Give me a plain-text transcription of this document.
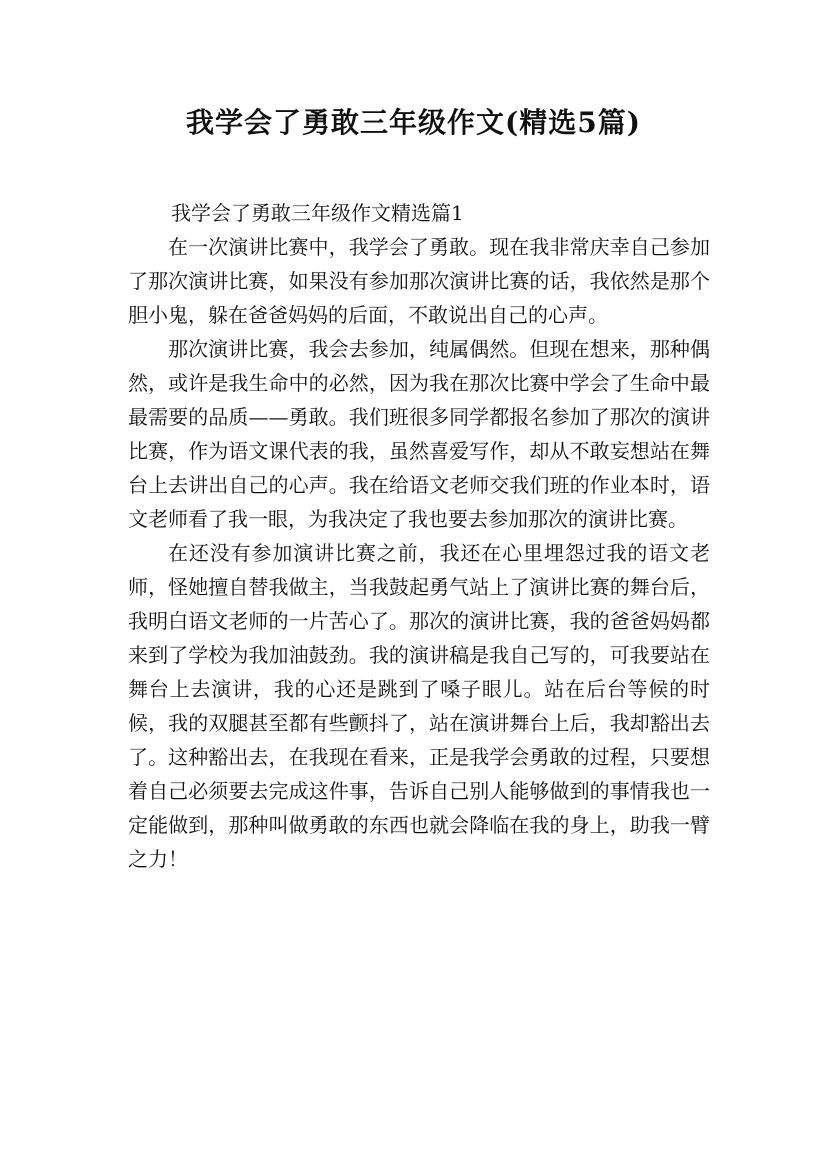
我学会了勇敢三年级作文(精选5篇)
我学会了勇敢三年级作文精选篇1

在一次演讲比赛中，我学会了勇敢。现在我非常庆幸自己参加了那次演讲比赛，如果没有参加那次演讲比赛的话，我依然是那个胆小鬼，躲在爸爸妈妈的后面，不敢说出自己的心声。

那次演讲比赛，我会去参加，纯属偶然。但现在想来，那种偶然，或许是我生命中的必然，因为我在那次比赛中学会了生命中最最需要的品质——勇敢。我们班很多同学都报名参加了那次的演讲比赛，作为语文课代表的我，虽然喜爱写作，却从不敢妄想站在舞台上去讲出自己的心声。我在给语文老师交我们班的作业本时，语文老师看了我一眼，为我决定了我也要去参加那次的演讲比赛。

在还没有参加演讲比赛之前，我还在心里埋怨过我的语文老师，怪她擅自替我做主，当我鼓起勇气站上了演讲比赛的舞台后，我明白语文老师的一片苦心了。那次的演讲比赛，我的爸爸妈妈都来到了学校为我加油鼓劲。我的演讲稿是我自己写的，可我要站在舞台上去演讲，我的心还是跳到了嗓子眼儿。站在后台等候的时候，我的双腿甚至都有些颤抖了，站在演讲舞台上后，我却豁出去了。这种豁出去，在我现在看来，正是我学会勇敢的过程，只要想着自己必须要去完成这件事，告诉自己别人能够做到的事情我也一定能做到，那种叫做勇敢的东西也就会降临在我的身上，助我一臂之力！
